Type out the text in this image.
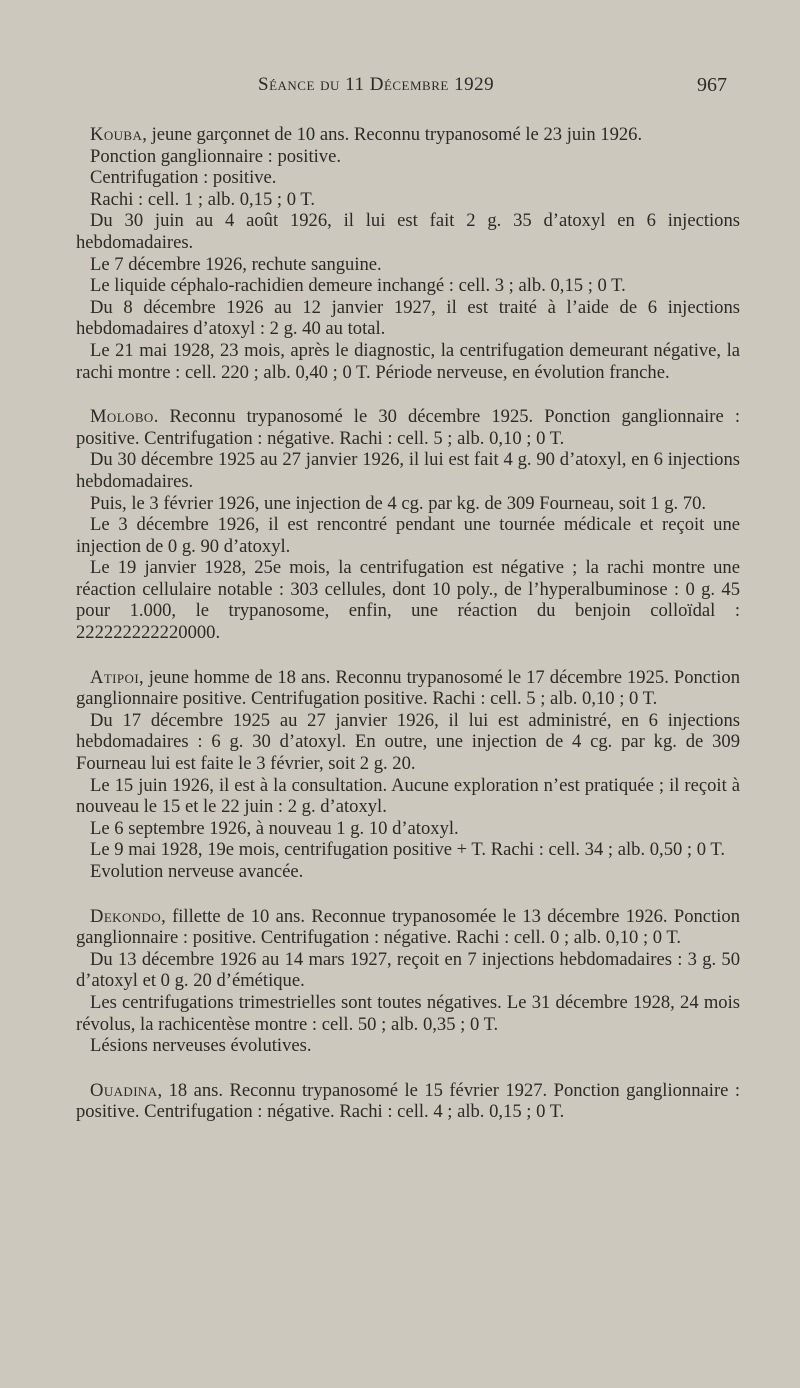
Séance du 11 Décembre 1929	967

Kouba, jeune garçonnet de 10 ans. Reconnu trypanosomé le 23 juin 1926.

Ponction ganglionnaire : positive.

Centrifugation : positive.

Rachi : cell. 1 ; alb. 0,15 ; 0 T.

Du 30 juin au 4 août 1926, il lui est fait 2 g. 35 d’atoxyl en 6 injections hebdomadaires.

Le 7 décembre 1926, rechute sanguine.

Le liquide céphalo-rachidien demeure inchangé : cell. 3 ; alb. 0,15 ; 0 T.

Du 8 décembre 1926 au 12 janvier 1927, il est traité à l’aide de 6 injections hebdomadaires d’atoxyl : 2 g. 40 au total.

Le 21 mai 1928, 23 mois, après le diagnostic, la centrifugation demeurant négative, la rachi montre : cell. 220 ; alb. 0,40 ; 0 T. Période nerveuse, en évolution franche.

Molobo. Reconnu trypanosomé le 30 décembre 1925. Ponction ganglionnaire : positive. Centrifugation : négative. Rachi : cell. 5 ; alb. 0,10 ; 0 T.

Du 30 décembre 1925 au 27 janvier 1926, il lui est fait 4 g. 90 d’atoxyl, en 6 injections hebdomadaires.

Puis, le 3 février 1926, une injection de 4 cg. par kg. de 309 Fourneau, soit 1 g. 70.

Le 3 décembre 1926, il est rencontré pendant une tournée médicale et reçoit une injection de 0 g. 90 d’atoxyl.

Le 19 janvier 1928, 25e mois, la centrifugation est négative ; la rachi montre une réaction cellulaire notable : 303 cellules, dont 10 poly., de l’hyperalbuminose : 0 g. 45 pour 1.000, le trypanosome, enfin, une réaction du benjoin colloïdal : 222222222220000.

Atipoi, jeune homme de 18 ans. Reconnu trypanosomé le 17 décembre 1925. Ponction ganglionnaire positive. Centrifugation positive. Rachi : cell. 5 ; alb. 0,10 ; 0 T.

Du 17 décembre 1925 au 27 janvier 1926, il lui est administré, en 6 injections hebdomadaires : 6 g. 30 d’atoxyl. En outre, une injection de 4 cg. par kg. de 309 Fourneau lui est faite le 3 février, soit 2 g. 20.

Le 15 juin 1926, il est à la consultation. Aucune exploration n’est pratiquée ; il reçoit à nouveau le 15 et le 22 juin : 2 g. d’atoxyl.

Le 6 septembre 1926, à nouveau 1 g. 10 d’atoxyl.

Le 9 mai 1928, 19e mois, centrifugation positive + T. Rachi : cell. 34 ; alb. 0,50 ; 0 T.

Evolution nerveuse avancée.

Dekondo, fillette de 10 ans. Reconnue trypanosomée le 13 décembre 1926. Ponction ganglionnaire : positive. Centrifugation : négative. Rachi : cell. 0 ; alb. 0,10 ; 0 T.

Du 13 décembre 1926 au 14 mars 1927, reçoit en 7 injections hebdomadaires : 3 g. 50 d’atoxyl et 0 g. 20 d’émétique.

Les centrifugations trimestrielles sont toutes négatives. Le 31 décembre 1928, 24 mois révolus, la rachicentèse montre : cell. 50 ; alb. 0,35 ; 0 T.

Lésions nerveuses évolutives.

Ouadina, 18 ans. Reconnu trypanosomé le 15 février 1927. Ponction ganglionnaire : positive. Centrifugation : négative. Rachi : cell. 4 ; alb. 0,15 ; 0 T.
